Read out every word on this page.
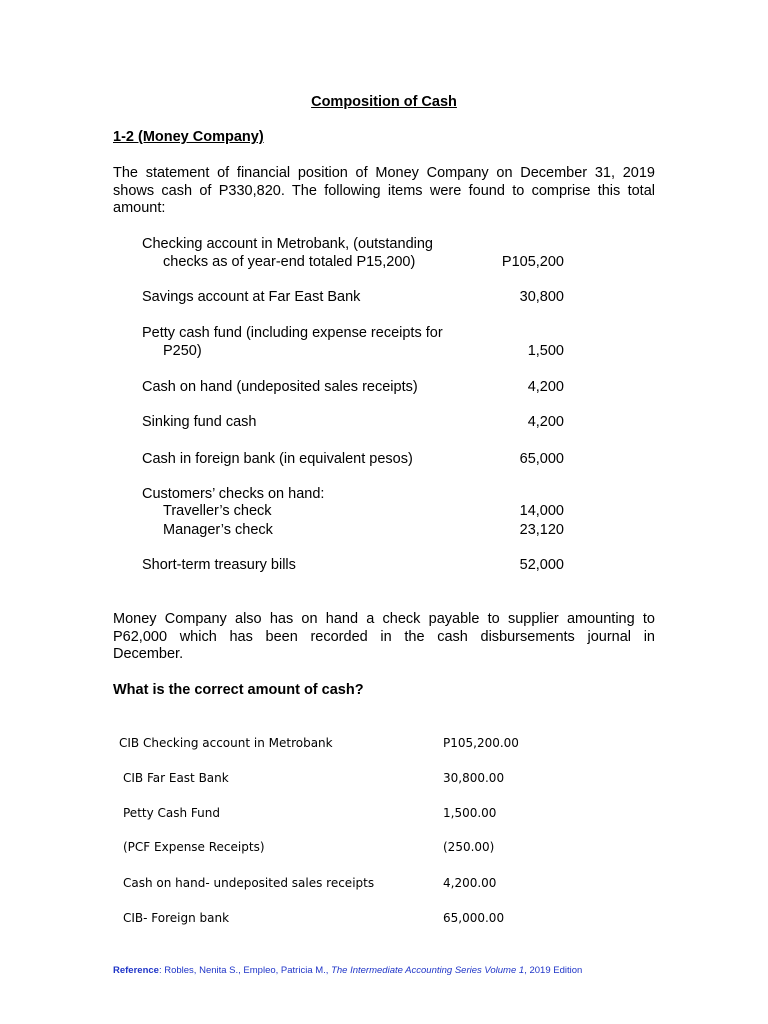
Composition of Cash
1-2 (Money Company)
The statement of financial position of Money Company on December 31, 2019
shows cash of P330,820. The following items were found to comprise this total
amount:
Checking account in Metrobank, (outstanding
checks as of year-end totaled P15,200)	P105,200
Savings account at Far East Bank	30,800
Petty cash fund (including expense receipts for
P250)	1,500
Cash on hand (undeposited sales receipts)	4,200
Sinking fund cash	4,200
Cash in foreign bank (in equivalent pesos)	65,000
Customers’ checks on hand:
Traveller’s check	14,000
Manager’s check	23,120
Short-term treasury bills	52,000
Money Company also has on hand a check payable to supplier amounting to
P62,000 which has been recorded in the cash disbursements journal in
December.
What is the correct amount of cash?
CIB Checking account in Metrobank	P105,200.00
CIB Far East Bank	30,800.00
Petty Cash Fund	1,500.00
(PCF Expense Receipts)	(250.00)
Cash on hand- undeposited sales receipts	4,200.00
CIB- Foreign bank	65,000.00
Reference: Robles, Nenita S., Empleo, Patricia M., The Intermediate Accounting Series Volume 1, 2019 Edition
